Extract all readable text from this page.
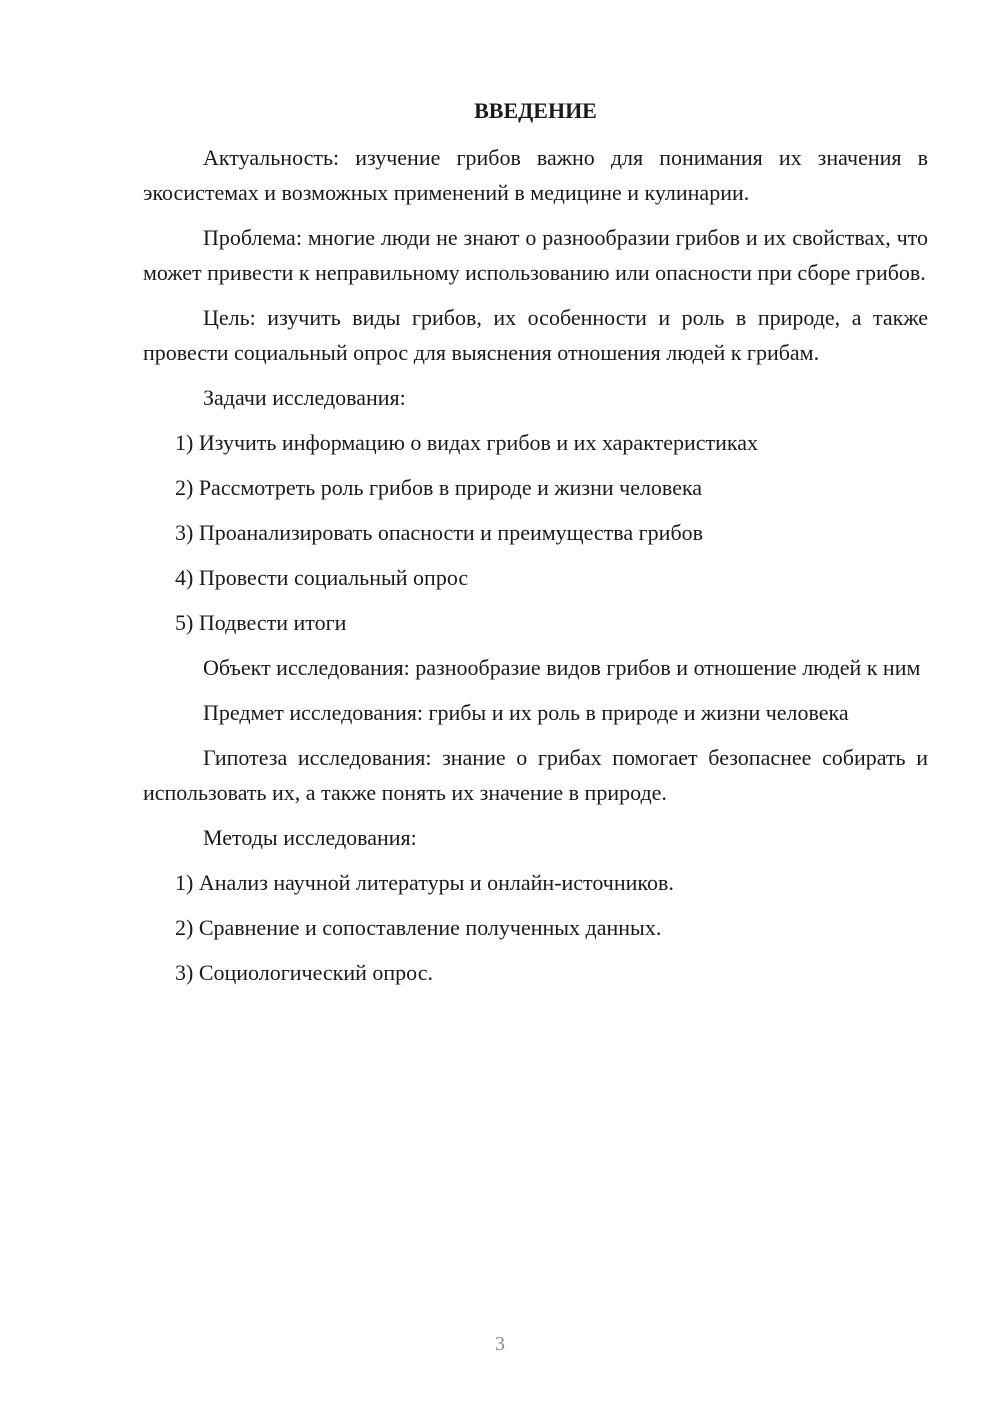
ВВЕДЕНИЕ

Актуальность: изучение грибов важно для понимания их значения в экосистемах и возможных применений в медицине и кулинарии.

Проблема: многие люди не знают о разнообразии грибов и их свойствах, что может привести к неправильному использованию или опасности при сборе грибов.

Цель: изучить виды грибов, их особенности и роль в природе, а также провести социальный опрос для выяснения отношения людей к грибам.

Задачи исследования:

1) Изучить информацию о видах грибов и их характеристиках
2) Рассмотреть роль грибов в природе и жизни человека
3) Проанализировать опасности и преимущества грибов
4) Провести социальный опрос
5) Подвести итоги

Объект исследования: разнообразие видов грибов и отношение людей к ним

Предмет исследования: грибы и их роль в природе и жизни человека

Гипотеза исследования: знание о грибах помогает безопаснее собирать и использовать их, а также понять их значение в природе.

Методы исследования:

1) Анализ научной литературы и онлайн-источников.
2) Сравнение и сопоставление полученных данных.
3) Социологический опрос.
3
